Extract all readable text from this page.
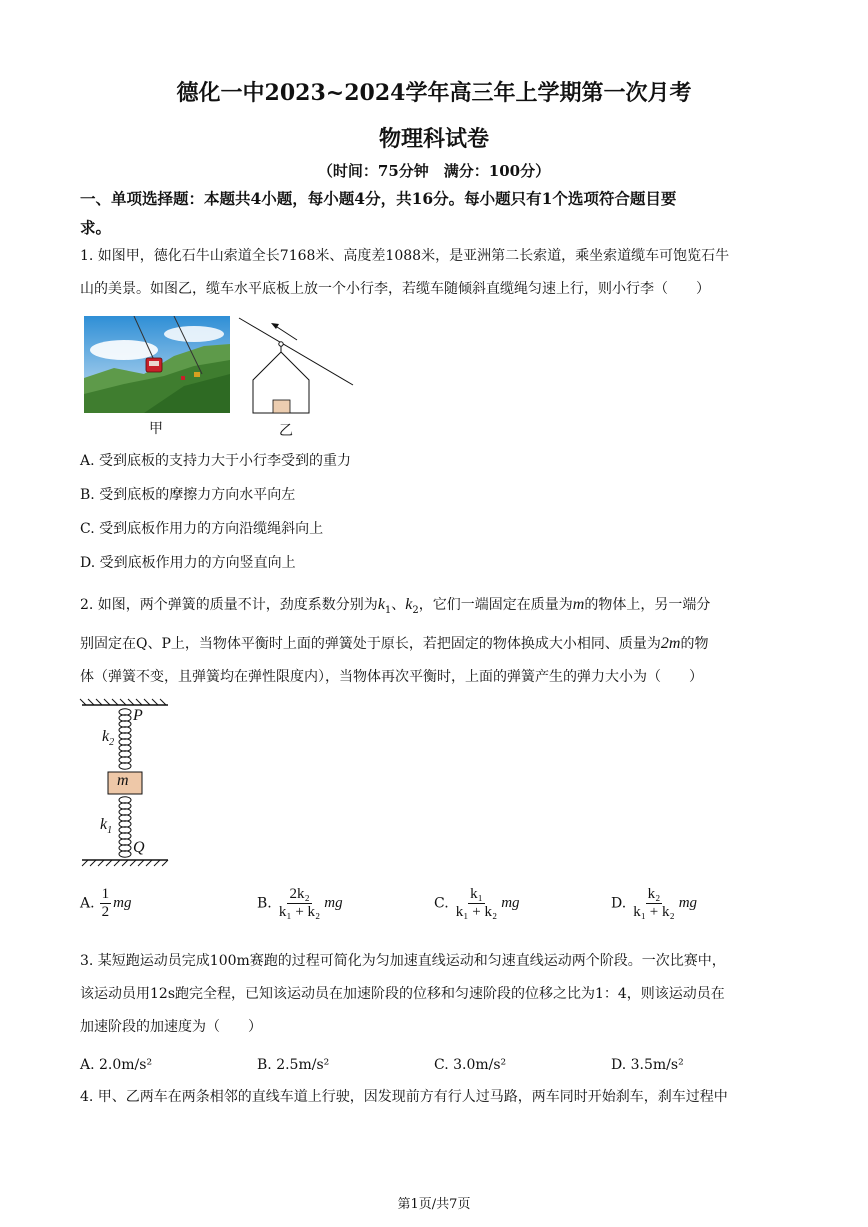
德化一中2023~2024学年高三年上学期第一次月考
物理科试卷
（时间：75分钟　满分：100分）
一、单项选择题：本题共4小题，每小题4分，共16分。每小题只有1个选项符合题目要
求。
1. 如图甲，德化石牛山索道全长7168米、高度差1088米，是亚洲第二长索道，乘坐索道缆车可饱览石牛
山的美景。如图乙，缆车水平底板上放一个小行李，若缆车随倾斜直缆绳匀速上行，则小行李（　　）
甲	乙
A. 受到底板的支持力大于小行李受到的重力
B. 受到底板的摩擦力方向水平向左
C. 受到底板作用力的方向沿缆绳斜向上
D. 受到底板作用力的方向竖直向上
2. 如图，两个弹簧的质量不计，劲度系数分别为$k_1$、$k_2$，它们一端固定在质量为m的物体上，另一端分
别固定在Q、P上，当物体平衡时上面的弹簧处于原长，若把固定的物体换成大小相同、质量为2m的物
体（弹簧不变，且弹簧均在弹性限度内），当物体再次平衡时，上面的弹簧产生的弹力大小为（　　）
P
$k_2$
m
$k_1$
Q
A. $\frac{1}{2}$ mg	B. $\frac{\text{2k₂}}{\text{k₁ + k₂}}$ mg	C. $\frac{\text{k₁}}{\text{k₁ + k₂}}$ mg	D. $\frac{\text{k₂}}{\text{k₁ + k₂}}$ mg
3. 某短跑运动员完成100m赛跑的过程可简化为匀加速直线运动和匀速直线运动两个阶段。一次比赛中，
该运动员用12s跑完全程，已知该运动员在加速阶段的位移和匀速阶段的位移之比为1：4，则该运动员在
加速阶段的加速度为（　　）
A. 2.0m/s²	B. 2.5m/s²	C. 3.0m/s²	D. 3.5m/s²
4. 甲、乙两车在两条相邻的直线车道上行驶，因发现前方有行人过马路，两车同时开始刹车，刹车过程中
第1页/共7页
